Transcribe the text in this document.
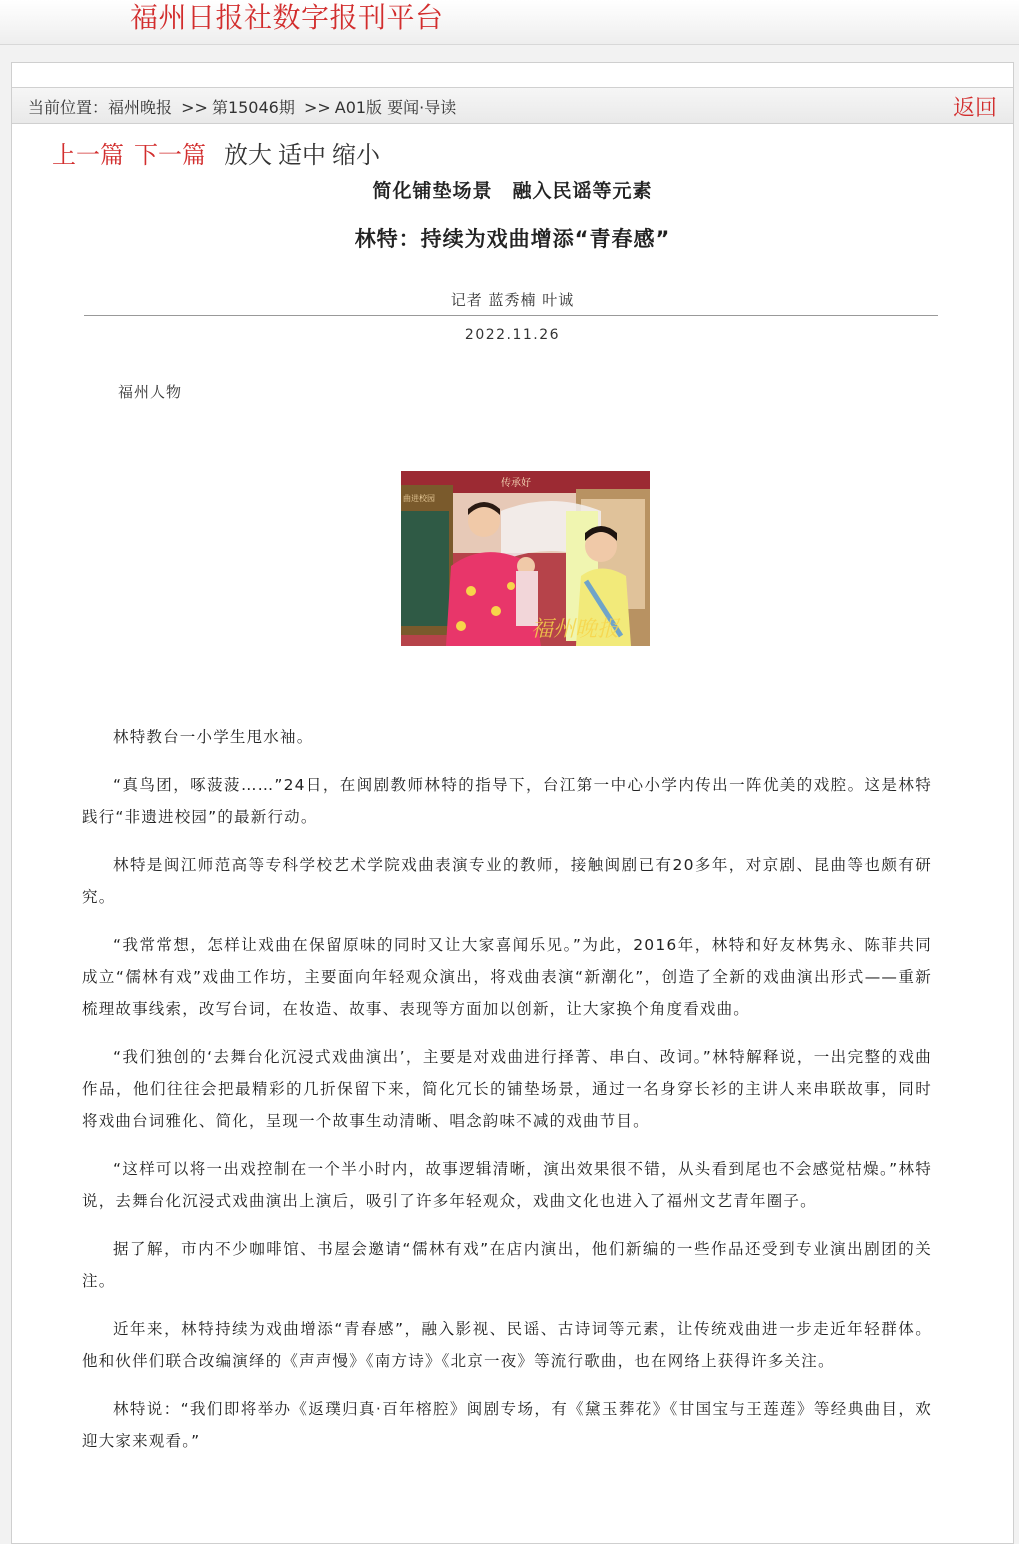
福州日报社数字报刊平台
当前位置：福州晚报 >> 第15046期 >> A01版 要闻·导读	返回
上一篇 下一篇 放大 适中 缩小
简化铺垫场景　融入民谣等元素
林特：持续为戏曲增添“青春感”
记者 蓝秀楠 叶诚
2022.11.26
福州人物
传承好
曲进校园
福州晚报

林特教台一小学生甩水袖。

“真鸟团，啄菠菠……”24日，在闽剧教师林特的指导下，台江第一中心小学内传出一阵优美的戏腔。这是林特践行“非遗进校园”的最新行动。

林特是闽江师范高等专科学校艺术学院戏曲表演专业的教师，接触闽剧已有20多年，对京剧、昆曲等也颇有研究。

“我常常想，怎样让戏曲在保留原味的同时又让大家喜闻乐见。”为此，2016年，林特和好友林隽永、陈菲共同成立“儒林有戏”戏曲工作坊，主要面向年轻观众演出，将戏曲表演“新潮化”，创造了全新的戏曲演出形式——重新梳理故事线索，改写台词，在妆造、故事、表现等方面加以创新，让大家换个角度看戏曲。

“我们独创的‘去舞台化沉浸式戏曲演出’，主要是对戏曲进行择菁、串白、改词。”林特解释说，一出完整的戏曲作品，他们往往会把最精彩的几折保留下来，简化冗长的铺垫场景，通过一名身穿长衫的主讲人来串联故事，同时将戏曲台词雅化、简化，呈现一个故事生动清晰、唱念韵味不减的戏曲节目。

“这样可以将一出戏控制在一个半小时内，故事逻辑清晰，演出效果很不错，从头看到尾也不会感觉枯燥。”林特说，去舞台化沉浸式戏曲演出上演后，吸引了许多年轻观众，戏曲文化也进入了福州文艺青年圈子。

据了解，市内不少咖啡馆、书屋会邀请“儒林有戏”在店内演出，他们新编的一些作品还受到专业演出剧团的关注。

近年来，林特持续为戏曲增添“青春感”，融入影视、民谣、古诗词等元素，让传统戏曲进一步走近年轻群体。他和伙伴们联合改编演绎的《声声慢》《南方诗》《北京一夜》等流行歌曲，也在网络上获得许多关注。

林特说：“我们即将举办《返璞归真·百年榕腔》闽剧专场，有《黛玉葬花》《甘国宝与王莲莲》等经典曲目，欢迎大家来观看。”
